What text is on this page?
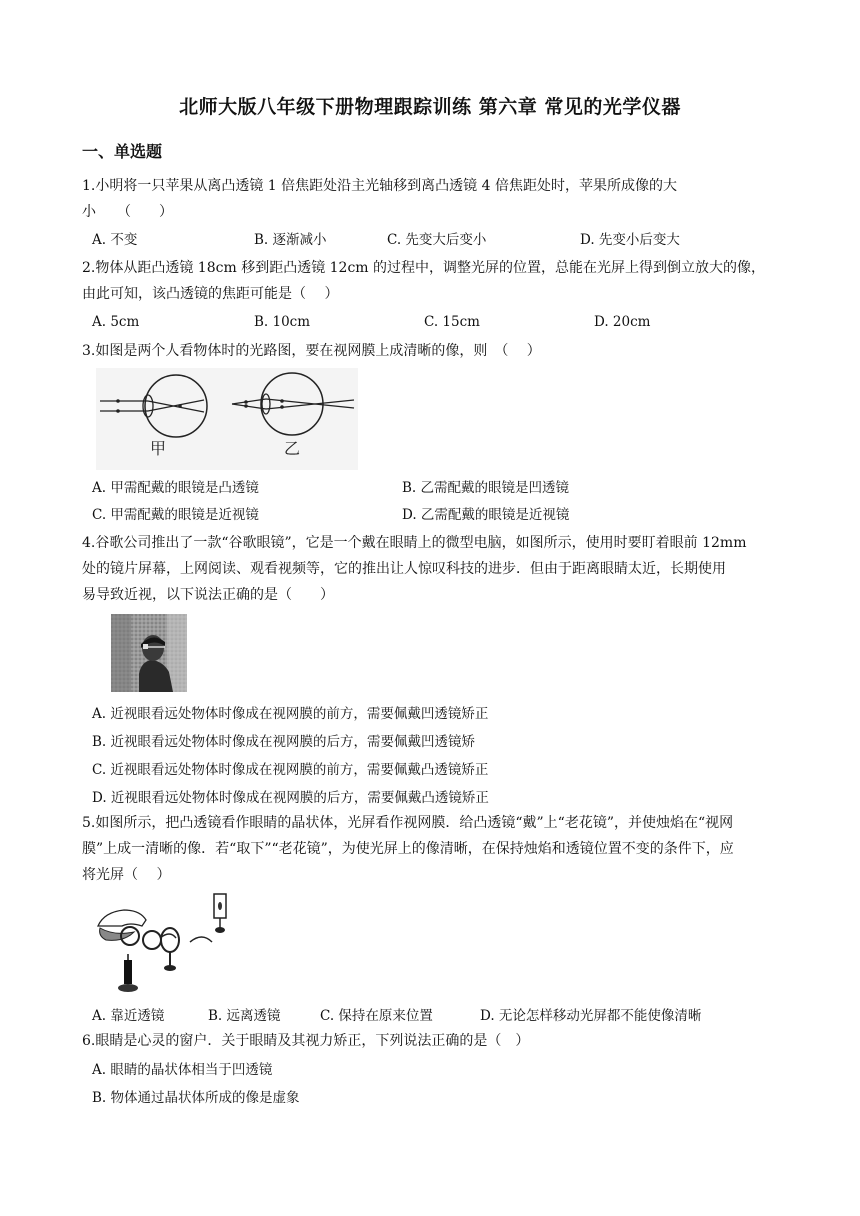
北师大版八年级下册物理跟踪训练 第六章 常见的光学仪器
一、单选题
1.小明将一只苹果从离凸透镜 1 倍焦距处沿主光轴移到离凸透镜 4 倍焦距处时，苹果所成像的大
小　　（　　）
A. 不变	B. 逐渐减小	C. 先变大后变小	D. 先变小后变大
2.物体从距凸透镜 18cm 移到距凸透镜 12cm 的过程中，调整光屏的位置，总能在光屏上得到倒立放大的像，
由此可知，该凸透镜的焦距可能是（　 ）
A. 5cm	B. 10cm	C. 15cm	D. 20cm
3.如图是两个人看物体时的光路图，要在视网膜上成清晰的像，则　（　 ）
甲	乙
A. 甲需配戴的眼镜是凸透镜	B. 乙需配戴的眼镜是凹透镜
C. 甲需配戴的眼镜是近视镜	D. 乙需配戴的眼镜是近视镜
4.谷歌公司推出了一款“谷歌眼镜”，它是一个戴在眼睛上的微型电脑，如图所示，使用时要盯着眼前 12mm
处的镜片屏幕，上网阅读、观看视频等，它的推出让人惊叹科技的进步．但由于距离眼睛太近，长期使用
易导致近视，以下说法正确的是（　　）
A. 近视眼看远处物体时像成在视网膜的前方，需要佩戴凹透镜矫正
B. 近视眼看远处物体时像成在视网膜的后方，需要佩戴凹透镜矫
C. 近视眼看远处物体时像成在视网膜的前方，需要佩戴凸透镜矫正
D. 近视眼看远处物体时像成在视网膜的后方，需要佩戴凸透镜矫正
5.如图所示，把凸透镜看作眼睛的晶状体，光屏看作视网膜．给凸透镜“戴”上“老花镜”，并使烛焰在“视网
膜”上成一清晰的像．若“取下”“老花镜”，为使光屏上的像清晰，在保持烛焰和透镜位置不变的条件下，应
将光屏（　 ）
A. 靠近透镜	B. 远离透镜	C. 保持在原来位置	D. 无论怎样移动光屏都不能使像清晰
6.眼睛是心灵的窗户．关于眼睛及其视力矫正，下列说法正确的是（　）
A. 眼睛的晶状体相当于凹透镜
B. 物体通过晶状体所成的像是虚象
